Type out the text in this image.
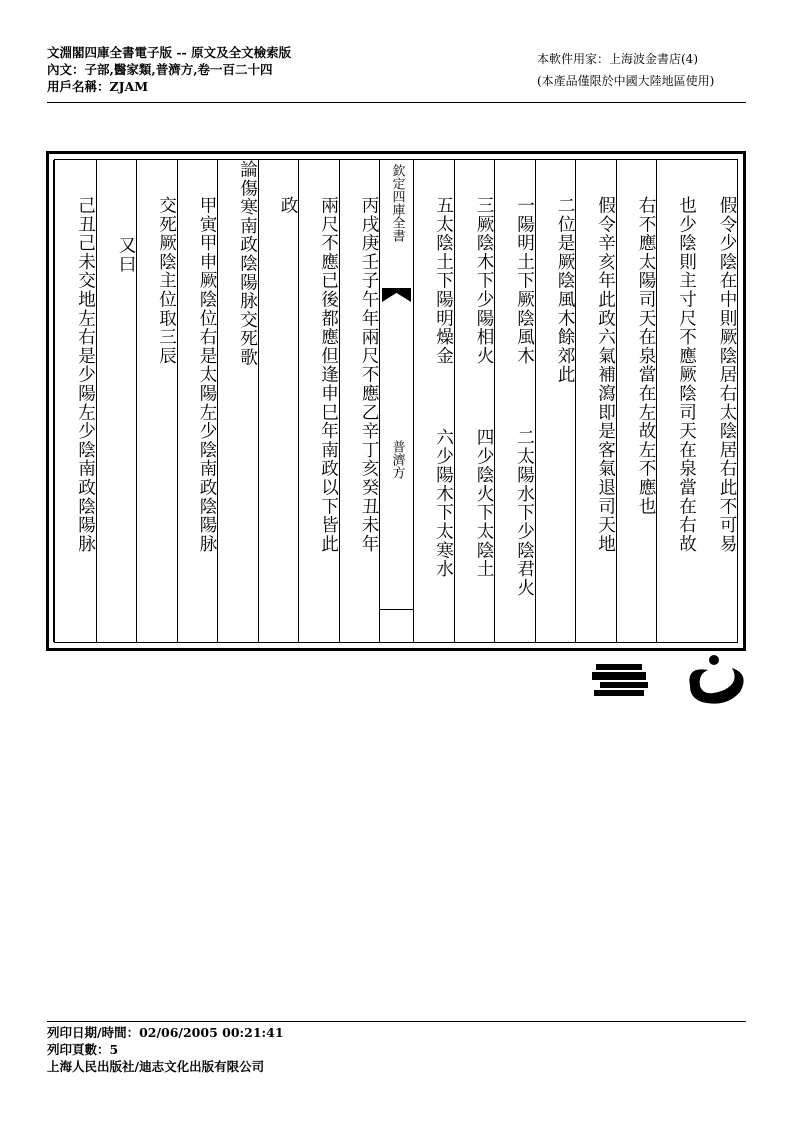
文淵閣四庫全書電子版 -- 原文及全文檢索版
內文：子部,醫家類,普濟方,卷一百二十四
用戶名稱：ZJAM
本軟件用家：上海波金書店(4)
(本產品僅限於中國大陸地區使用)
假令少陰在中則厥陰居右太陰居右此不可易
也少陰則主寸尺不應厥陰司天在泉當在右故
右不應太陽司天在泉當在左故左不應也
假令辛亥年此政六氣補瀉即是客氣退司天地
二位是厥陰風木餘郊此
一陽明土下厥陰風木
二太陽水下少陰君火
三厥陰木下少陽相火
四少陰火下太陰土
五太陰土下陽明燥金
六少陽木下太寒水
欽定四庫全書
普濟方
丙戌庚壬子午年兩尺不應乙辛丁亥癸丑未年
兩尺不應已後都應但逢申巳年南政以下皆此
政
論傷寒南政陰陽脉交死歌
甲寅甲申厥陰位右是太陽左少陰南政陰陽脉
交死厥陰主位取三辰
又曰
己丑己未交地左右是少陽左少陰南政陰陽脉
列印日期/時間：02/06/2005 00:21:41
列印頁數：5
上海人民出版社/迪志文化出版有限公司
